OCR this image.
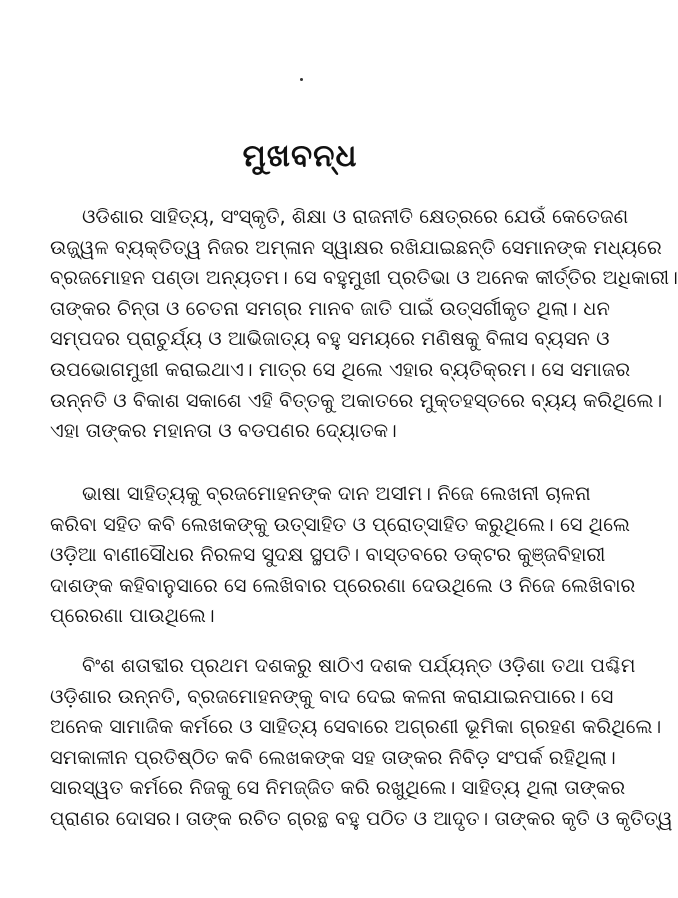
ମୁଖବନ୍ଧ
ଓଡିଶାର ସାହିତ୍ୟ, ସଂସ୍କୃତି, ଶିକ୍ଷା ଓ ରାଜନୀତି କ୍ଷେତ୍ରରେ ଯେଉଁ କେତେଜଣ
ଉଜ୍ଜ୍ୱଳ ବ୍ୟକ୍ତିତ୍ୱ ନିଜର ଅମ୍ଳାନ ସ୍ୱାକ୍ଷର ରଖିଯାଇଛନ୍ତି ସେମାନଙ୍କ ମଧ୍ୟରେ
ବ୍ରଜମୋହନ ପଣ୍ଡା ଅନ୍ୟତମ। ସେ ବହୁମୁଖୀ ପ୍ରତିଭା ଓ ଅନେକ କୀର୍ତ୍ତିର ଅଧିକାରୀ।
ତାଙ୍କର ଚିନ୍ତା ଓ ଚେତନା ସମଗ୍ର ମାନବ ଜାତି ପାଇଁ ଉତ୍ସର୍ଗୀକୃତ ଥିଲା। ଧନ
ସମ୍ପଦର ପ୍ରାଚୁର୍ଯ୍ୟ ଓ ଆଭିଜାତ୍ୟ ବହୁ ସମୟରେ ମଣିଷକୁ ବିଳାସ ବ୍ୟସନ ଓ
ଉପଭୋଗମୁଖୀ କରାଇଥାଏ। ମାତ୍ର ସେ ଥିଲେ ଏହାର ବ୍ୟତିକ୍ରମ। ସେ ସମାଜର
ଉନ୍ନତି ଓ ବିକାଶ ସକାଶେ ଏହି ବିତ୍ତକୁ ଅକାତରେ ମୁକ୍ତହସ୍ତରେ ବ୍ୟୟ କରିଥିଲେ।
ଏହା ତାଙ୍କର ମହାନତା ଓ ବଡପଣର ଦ୍ୟୋତକ।
ଭାଷା ସାହିତ୍ୟକୁ ବ୍ରଜମୋହନଙ୍କ ଦାନ ଅସୀମ। ନିଜେ ଲେଖନୀ ଚାଳନା
କରିବା ସହିତ କବି ଲେଖକଙ୍କୁ ଉତ୍ସାହିତ ଓ ପ୍ରୋତ୍ସାହିତ କରୁଥିଲେ। ସେ ଥିଲେ
ଓଡ଼ିଆ ବାଣୀସୌଧର ନିରଳସ ସୁଦକ୍ଷ ସ୍ଥପତି। ବାସ୍ତବରେ ଡକ୍ଟର କୁଞ୍ଜବିହାରୀ
ଦାଶଙ୍କ କହିବାନୁସାରେ ସେ ଲେଖିବାର ପ୍ରେରଣା ଦେଉଥିଲେ ଓ ନିଜେ ଲେଖିବାର
ପ୍ରେରଣା ପାଉଥିଲେ।
ବିଂଶ ଶତାବ୍ଦୀର ପ୍ରଥମ ଦଶକରୁ ଷାଠିଏ ଦଶକ ପର୍ଯ୍ୟନ୍ତ ଓଡ଼ିଶା ତଥା ପଶ୍ଚିମ
ଓଡ଼ିଶାର ଉନ୍ନତି, ବ୍ରଜମୋହନଙ୍କୁ ବାଦ ଦେଇ କଳନା କରାଯାଇନପାରେ। ସେ
ଅନେକ ସାମାଜିକ କର୍ମରେ ଓ ସାହିତ୍ୟ ସେବାରେ ଅଗ୍ରଣୀ ଭୂମିକା ଗ୍ରହଣ କରିଥିଲେ।
ସମକାଳୀନ ପ୍ରତିଷ୍ଠିତ କବି ଲେଖକଙ୍କ ସହ ତାଙ୍କର ନିବିଡ଼ ସଂପର୍କ ରହିଥିଲା।
ସାରସ୍ୱତ କର୍ମରେ ନିଜକୁ ସେ ନିମଜ୍ଜିତ କରି ରଖୁଥିଲେ। ସାହିତ୍ୟ ଥିଲା ତାଙ୍କର
ପ୍ରାଣର ଦୋସର। ତାଙ୍କ ରଚିତ ଗ୍ରନ୍ଥ ବହୁ ପଠିତ ଓ ଆଦୃତ। ତାଙ୍କର କୃତି ଓ କୃତିତ୍ୱ
